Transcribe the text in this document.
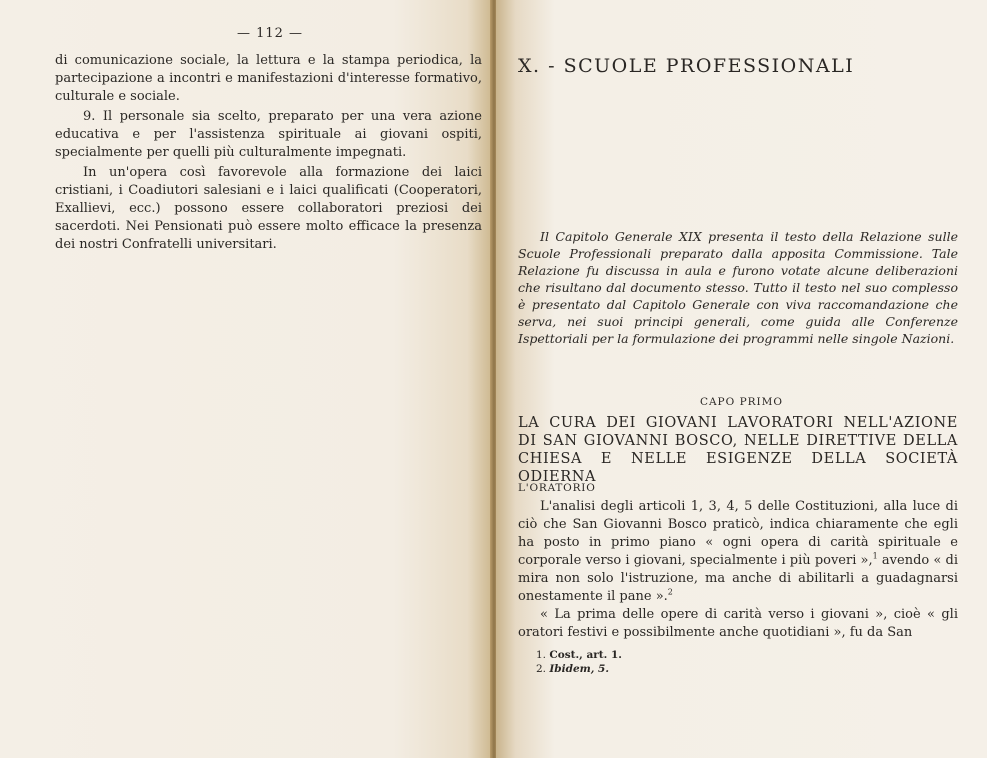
— 112 —

di comunicazione sociale, la lettura e la stampa periodica, la partecipazione a incontri e manifestazioni d'interesse formativo, culturale e sociale.

9. Il personale sia scelto, preparato per una vera azione educativa e per l'assistenza spirituale ai giovani ospiti, specialmente per quelli più culturalmente impegnati.

In un'opera così favorevole alla formazione dei laici cristiani, i Coadiutori salesiani e i laici qualificati (Cooperatori, Exallievi, ecc.) possono essere collaboratori preziosi dei sacerdoti. Nei Pensionati può essere molto efficace la presenza dei nostri Confratelli universitari.

X. - SCUOLE PROFESSIONALI

Il Capitolo Generale XIX presenta il testo della Relazione sulle Scuole Professionali preparato dalla apposita Commissione. Tale Relazione fu discussa in aula e furono votate alcune deliberazioni che risultano dal documento stesso. Tutto il testo nel suo complesso è presentato dal Capitolo Generale con viva raccomandazione che serva, nei suoi principi generali, come guida alle Conferenze Ispettoriali per la formulazione dei programmi nelle singole Nazioni.

CAPO PRIMO

LA CURA DEI GIOVANI LAVORATORI NELL'AZIONE DI SAN GIOVANNI BOSCO, NELLE DIRETTIVE DELLA CHIESA E NELLE ESIGENZE DELLA SOCIETÀ ODIERNA
L'ORATORIO

L'analisi degli articoli 1, 3, 4, 5 delle Costituzioni, alla luce di ciò che San Giovanni Bosco praticò, indica chiaramente che egli ha posto in primo piano « ogni opera di carità spirituale e corporale verso i giovani, specialmente i più poveri »,$^1$ avendo « di mira non solo l'istruzione, ma anche di abilitarli a guadagnarsi onestamente il pane ».$^2$

« La prima delle opere di carità verso i giovani », cioè « gli oratori festivi e possibilmente anche quotidiani », fu da San

1. Cost., art. 1.
2. Ibidem, 5.
